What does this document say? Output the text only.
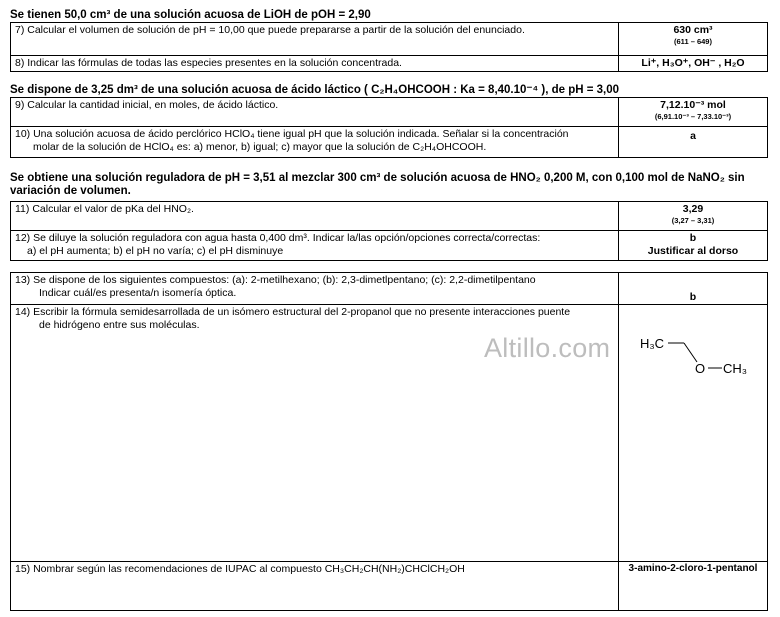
Se tienen 50,0 cm³ de una solución acuosa de LiOH de pOH = 2,90
7) Calcular el volumen de solución de pH = 10,00 que puede prepararse a partir de la solución del enunciado.	630 cm³
(611 – 649)

8) Indicar las fórmulas de todas las especies presentes en la solución concentrada.	Li⁺, H₃O⁺, OH⁻ , H₂O
Se dispone de 3,25 dm³ de una solución acuosa de ácido láctico ( C₂H₄OHCOOH : Ka = 8,40.10⁻⁴ ), de pH = 3,00
9) Calcular la cantidad inicial, en moles, de ácido láctico.	7,12.10⁻³ mol
(6,91.10⁻³ – 7,33.10⁻³)

10) Una solución acuosa de ácido perclórico HClO₄ tiene igual pH que la solución indicada. Señalar si la concentración
molar de la solución de HClO₄ es: a) menor, b) igual; c) mayor que la solución de C₂H₄OHCOOH.	a
Se obtiene una solución reguladora de pH = 3,51 al mezclar 300 cm³ de solución acuosa de HNO₂ 0,200 M, con 0,100 mol de NaNO₂ sin
variación de volumen.
11) Calcular el valor de pKa del HNO₂.	3,29
(3,27 – 3,31)

12) Se diluye la solución reguladora con agua hasta 0,400 dm³. Indicar la/las opción/opciones correcta/correctas:
a) el pH aumenta; b) el pH no varía; c) el pH disminuye	b
Justificar al dorso
13) Se dispone de los siguientes compuestos: (a): 2-metilhexano; (b): 2,3-dimetlpentano; (c): 2,2-dimetilpentano
Indicar cuál/es presenta/n isomería óptica.	b
14) Escribir la fórmula semidesarrollada de un isómero estructural del 2-propanol que no presente interacciones puente
de hidrógeno entre sus moléculas.	

15) Nombrar según las recomendaciones de IUPAC al compuesto CH₃CH₂CH(NH₂)CHClCH₂OH	3-amino-2-cloro-1-pentanol
Altillo.com H₃C
O CH₃
